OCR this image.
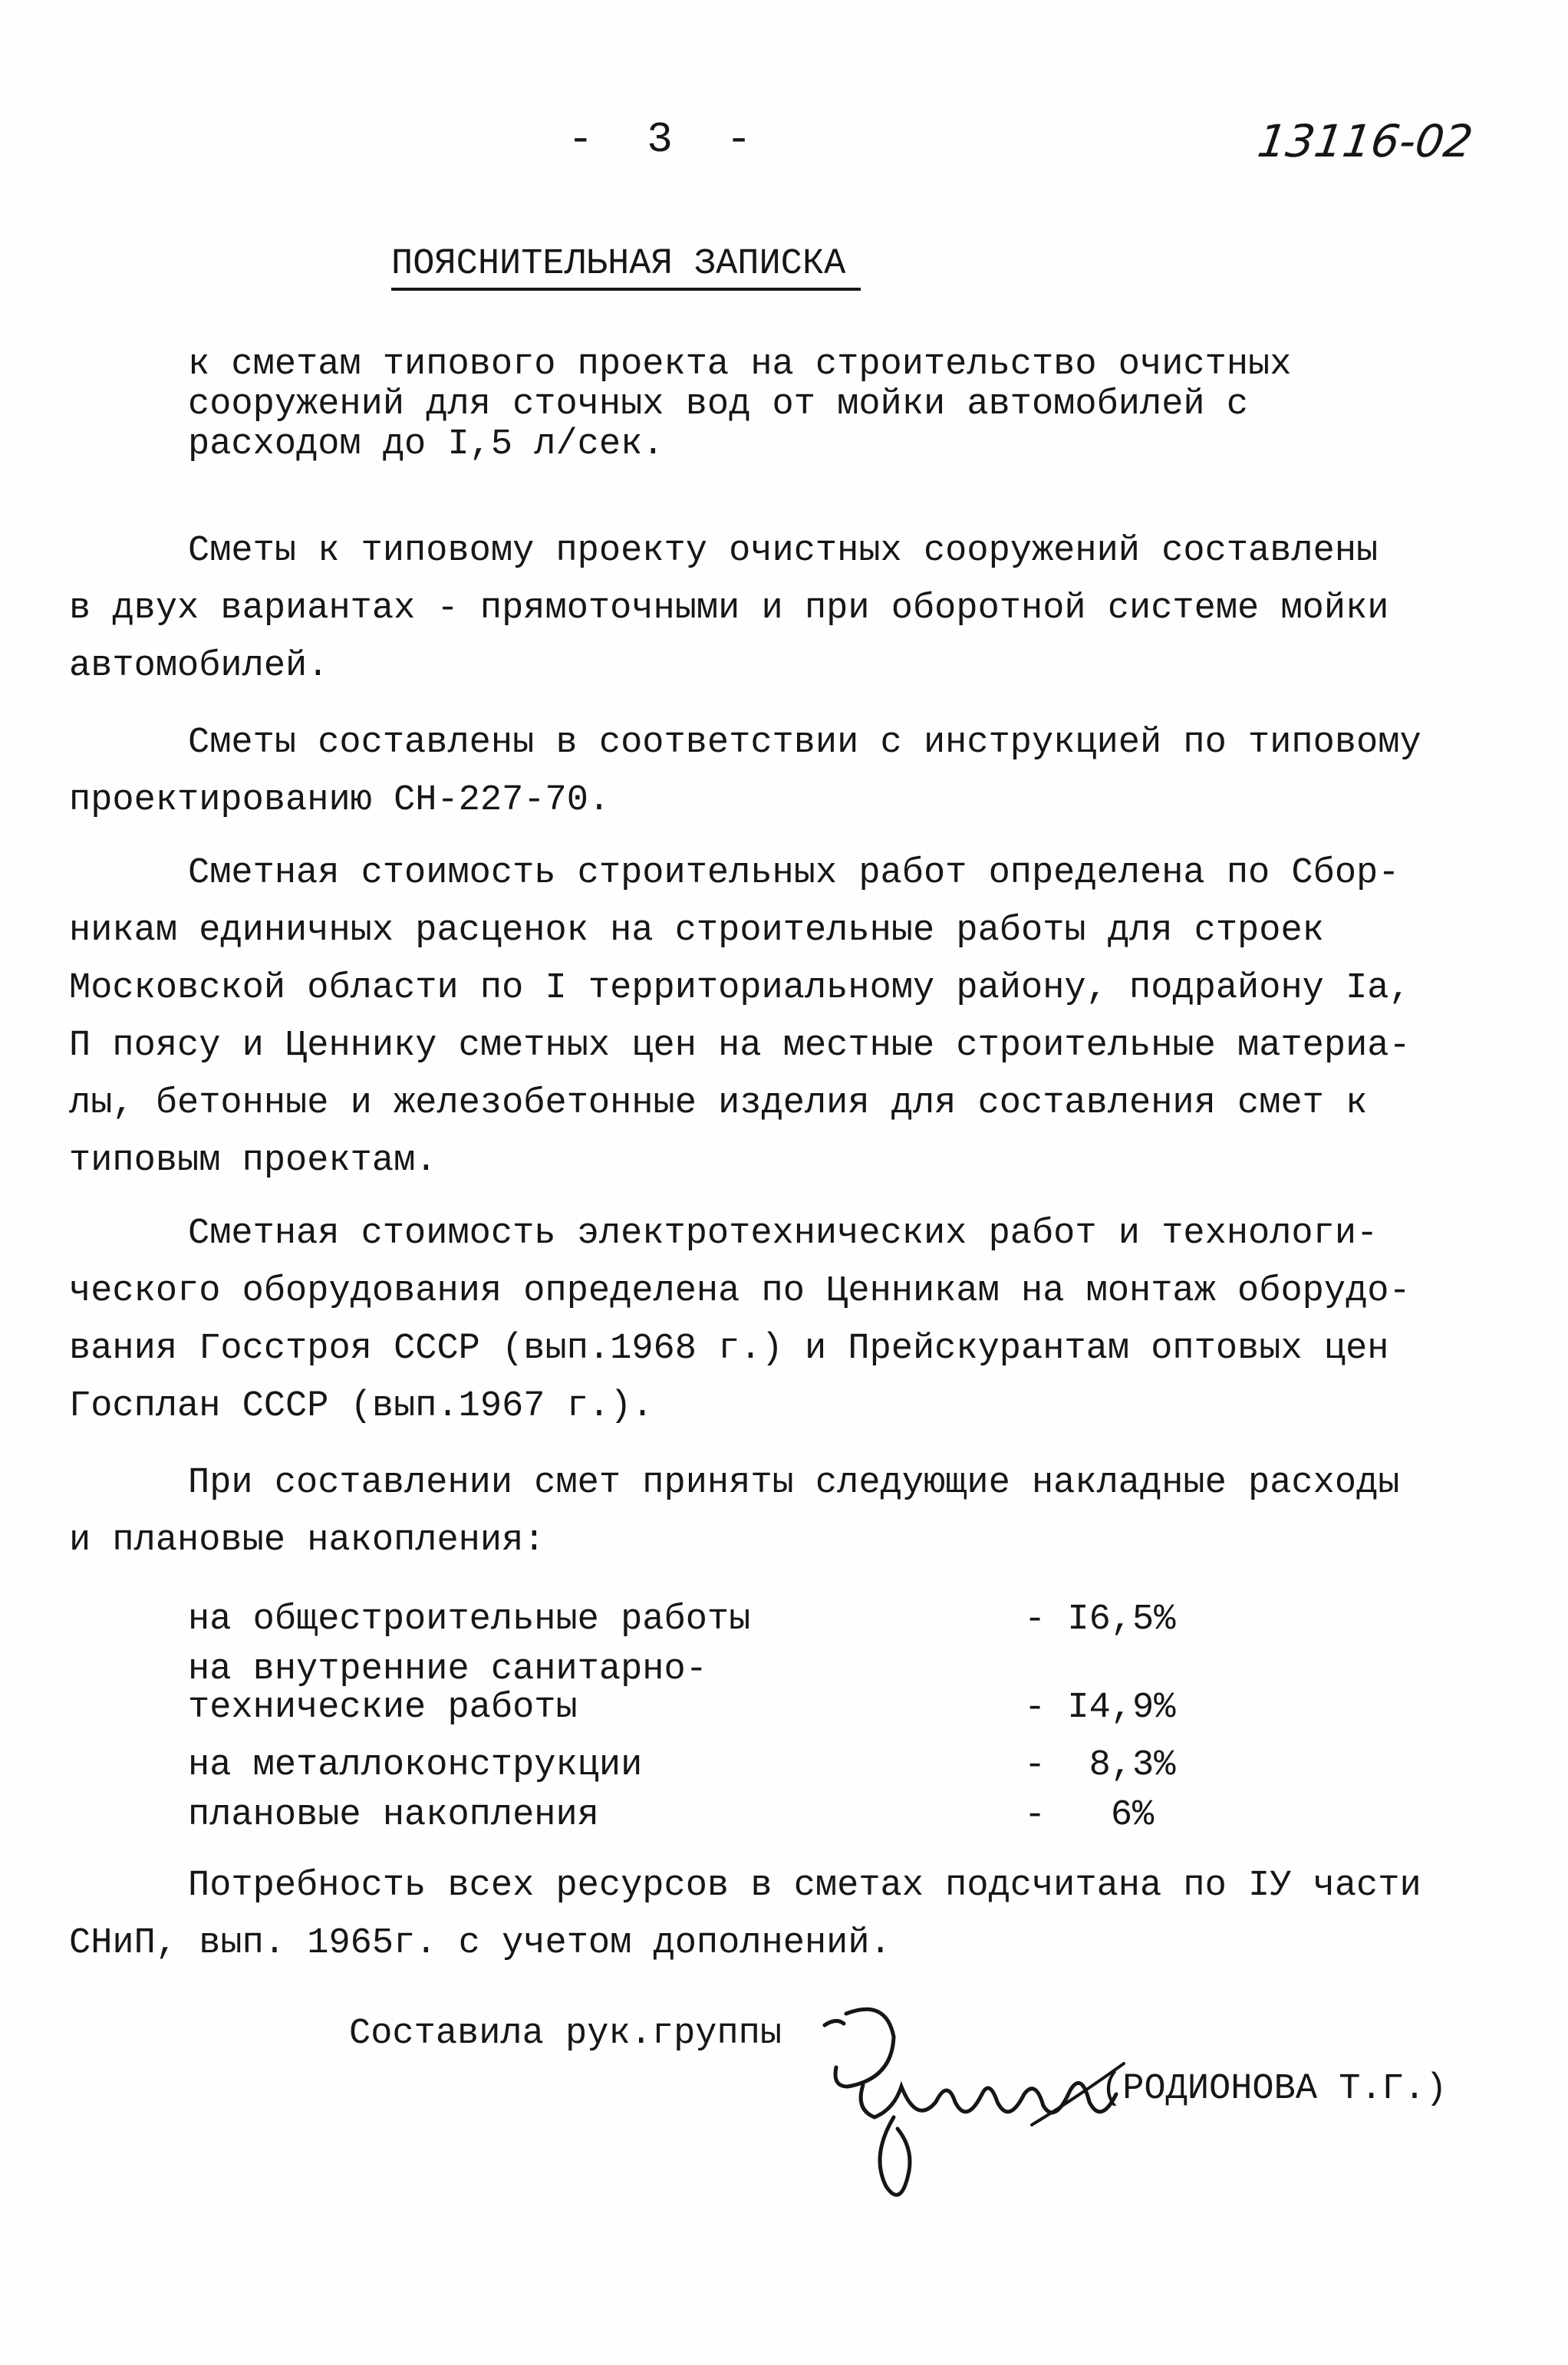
- 3 -	13116-02
ПОЯСНИТЕЛЬНАЯ ЗАПИСКА
к сметам типового проекта на строительство очистных
сооружений для сточных вод от мойки автомобилей с
расходом до I,5 л/сек.
Сметы к типовому проекту очистных сооружений составлены
в двух вариантах - прямоточными и при оборотной системе мойки
автомобилей.
Сметы составлены в соответствии с инструкцией по типовому
проектированию СН-227-70.
Сметная стоимость строительных работ определена по Сбор-
никам единичных расценок на строительные работы для строек
Московской области по I территориальному району, подрайону Iа,
П поясу и Ценнику сметных цен на местные строительные материа-
лы, бетонные и железобетонные изделия для составления смет к
типовым проектам.
Сметная стоимость электротехнических работ и технологи-
ческого оборудования определена по Ценникам на монтаж оборудо-
вания Госстроя СССР (вып.1968 г.) и Прейскурантам оптовых цен
Госплан СССР (вып.1967 г.).
При составлении смет приняты следующие накладные расходы
и плановые накопления:
на общестроительные работы	- I6,5%
на внутренние санитарно-
технические работы	- I4,9%
на металлоконструкции	-  8,3%
плановые накопления	-   6%
Потребность всех ресурсов в сметах подсчитана по IУ части
СНиП, вып. 1965г. с учетом дополнений.
Составила рук.группы
(РОДИОНОВА Т.Г.)
